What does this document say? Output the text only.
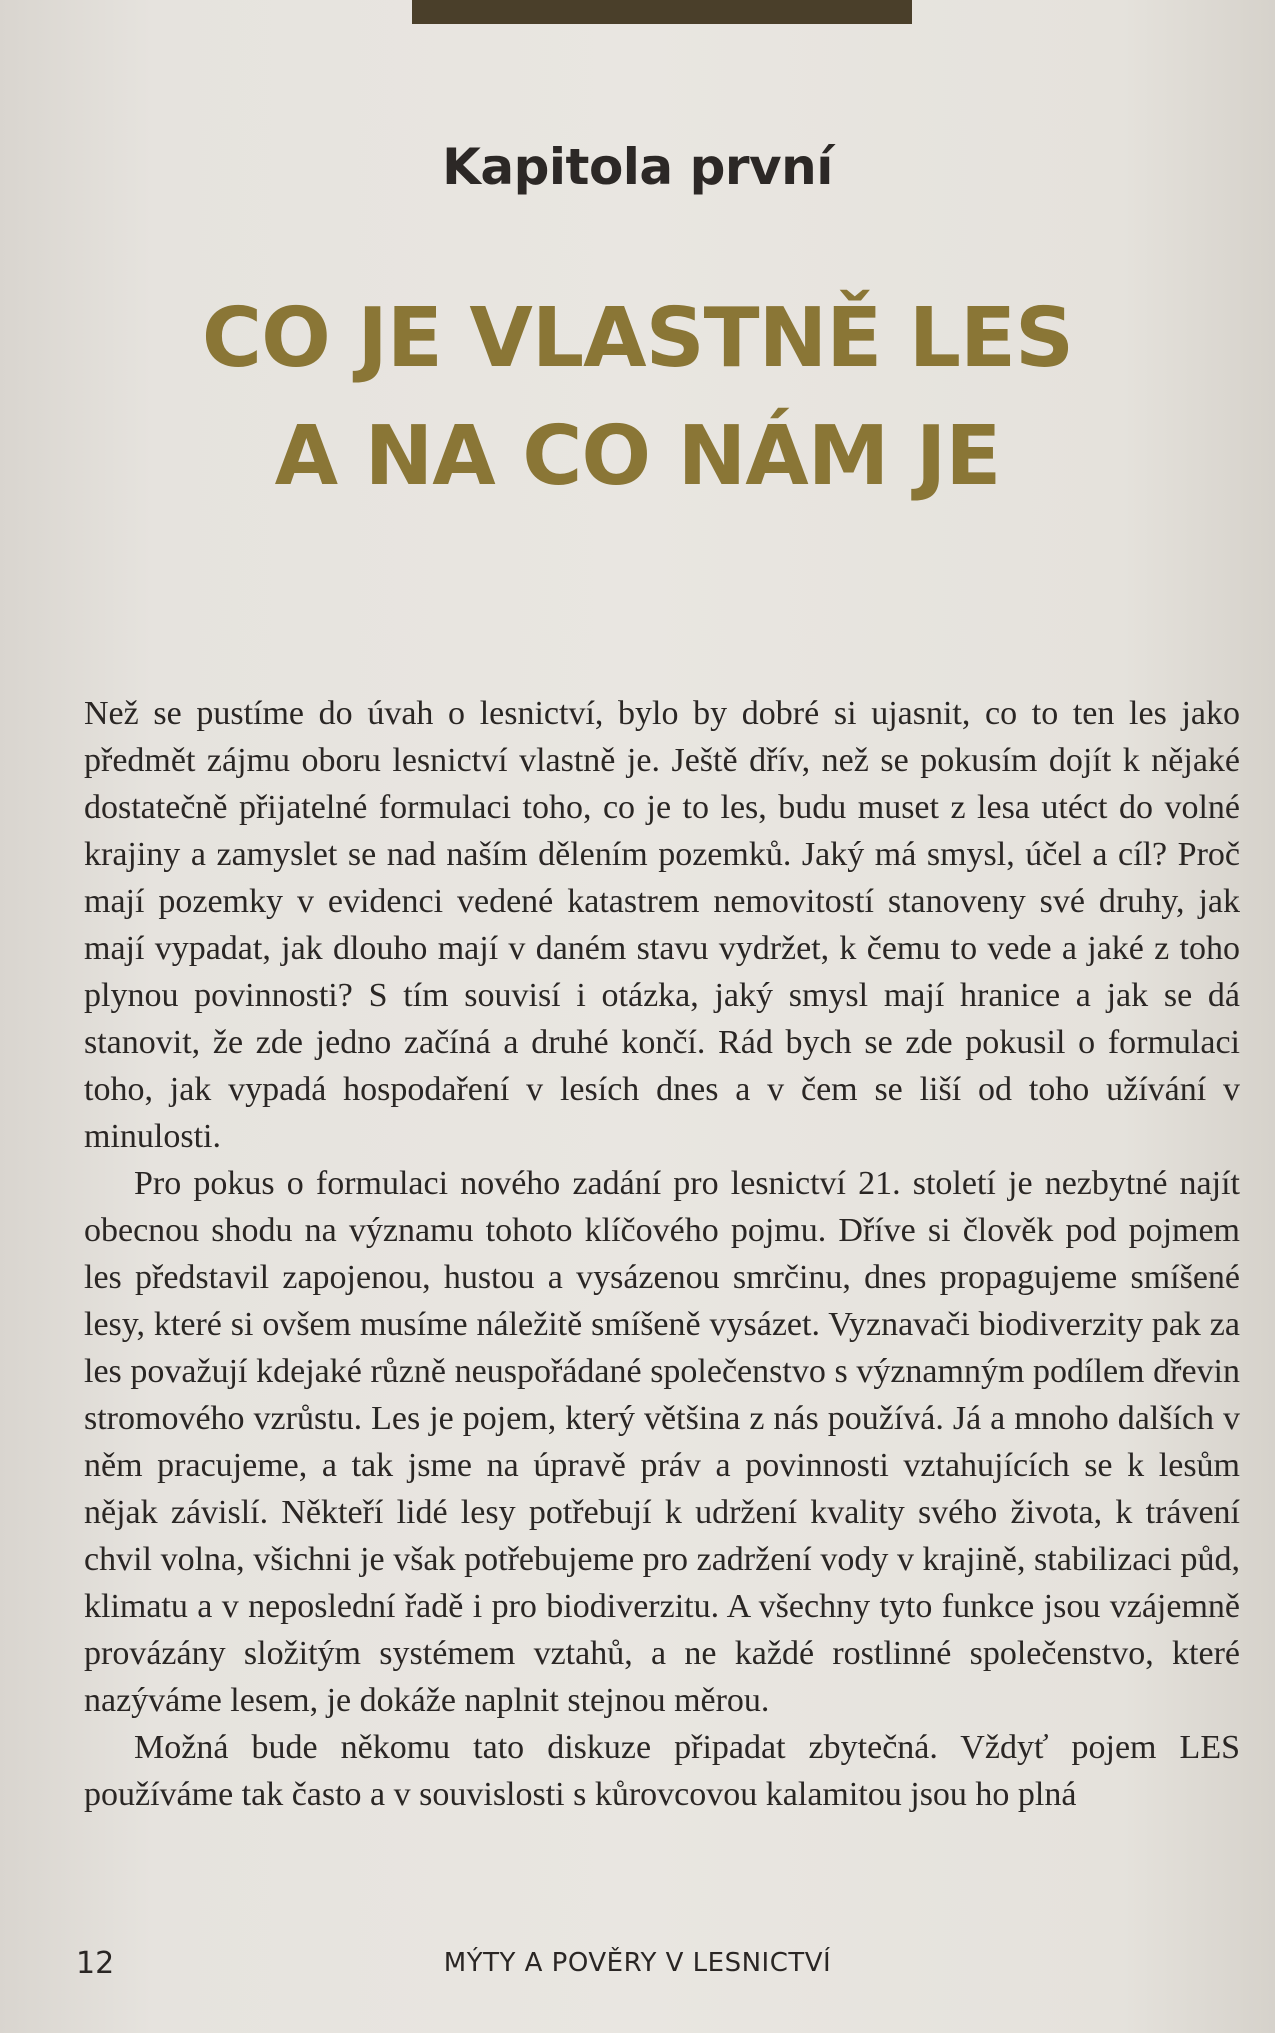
Kapitola první
CO JE VLASTNĚ LES
A NA CO NÁM JE

Než se pustíme do úvah o lesnictví, bylo by dobré si ujasnit, co to ten les jako předmět zájmu oboru lesnictví vlastně je. Ještě dřív, než se pokusím dojít k nějaké dostatečně přijatelné formulaci toho, co je to les, budu muset z lesa utéct do volné krajiny a zamyslet se nad naším dělením pozemků. Jaký má smysl, účel a cíl? Proč mají pozemky v evidenci vedené katastrem nemovitostí stanoveny své druhy, jak mají vypadat, jak dlouho mají v daném stavu vydržet, k čemu to vede a jaké z toho plynou povinnosti? S tím souvisí i otázka, jaký smysl mají hranice a jak se dá stanovit, že zde jedno začíná a druhé končí. Rád bych se zde pokusil o formulaci toho, jak vypadá hospodaření v lesích dnes a v čem se liší od toho užívání v minulosti.

Pro pokus o formulaci nového zadání pro lesnictví 21. století je nezbytné najít obecnou shodu na významu tohoto klíčového pojmu. Dříve si člověk pod pojmem les představil zapojenou, hustou a vysázenou smrčinu, dnes propagujeme smíšené lesy, které si ovšem musíme náležitě smíšeně vysázet. Vyznavači biodiverzity pak za les považují kdejaké různě neuspořádané společenstvo s významným podílem dřevin stromového vzrůstu. Les je pojem, který většina z nás používá. Já a mnoho dalších v něm pracujeme, a tak jsme na úpravě práv a povinnosti vztahujících se k lesům nějak závislí. Někteří lidé lesy potřebují k udržení kvality svého života, k trávení chvil volna, všichni je však potřebujeme pro zadržení vody v krajině, stabilizaci půd, klimatu a v neposlední řadě i pro biodiverzitu. A všechny tyto funkce jsou vzájemně provázány složitým systémem vztahů, a ne každé rostlinné společenstvo, které nazýváme lesem, je dokáže naplnit stejnou měrou.

Možná bude někomu tato diskuze připadat zbytečná. Vždyť pojem LES používáme tak často a v souvislosti s kůrovcovou kalamitou jsou ho plná

12	MÝTY A POVĚRY V LESNICTVÍ
